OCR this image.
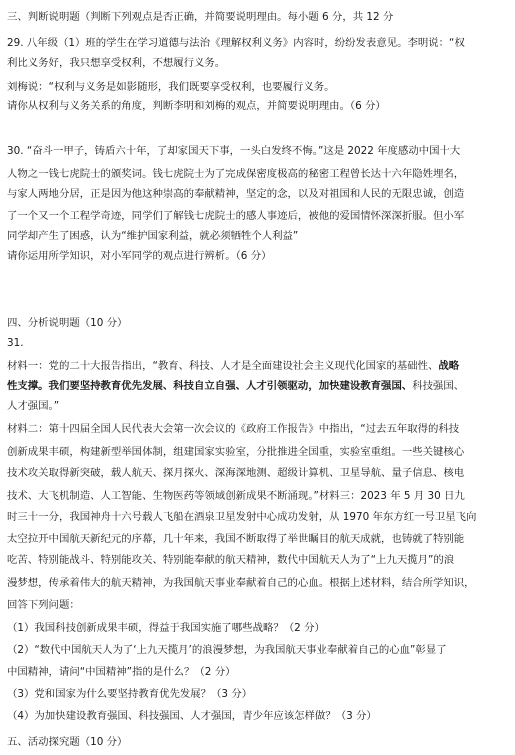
三、判断说明题（判断下列观点是否正确，并简要说明理由。每小题 6 分，共 12 分
29. 八年级（1）班的学生在学习道德与法治《理解权利义务》内容时，纷纷发表意见。李明说：“权
利比义务好，我只想享受权利，不想履行义务。
刘梅说：“权利与义务是如影随形，我们既要享受权利，也要履行义务。
请你从权利与义务关系的角度，判断李明和刘梅的观点，并简要说明理由。（6 分）
30. “奋斗一甲子，铸盾六十年，了却家国天下事，一头白发终不悔。”这是 2022 年度感动中国十大
人物之一钱七虎院士的颁奖词。钱七虎院士为了完成保密度极高的秘密工程曾长达十六年隐姓埋名，
与家人两地分居，正是因为他这种崇高的奉献精神，坚定的念，以及对祖国和人民的无限忠诚，创造
了一个又一个工程学奇迹，同学们了解钱七虎院士的感人事迹后，被他的爱国情怀深深折服。但小军
同学却产生了困惑，认为“维护国家利益，就必须牺牲个人利益”
请你运用所学知识，对小军同学的观点进行辨析。（6 分）
四、分析说明题（10 分）
31.
材料一：党的二十大报告指出，“教育、科技、人才是全面建设社会主义现代化国家的基础性、战略
性支撑。我们要坚持教育优先发展、科技自立自强、人才引领驱动，加快建设教育强国、科技强国、
人才强国。”
材料二：第十四届全国人民代表大会第一次会议的《政府工作报告》中指出，“过去五年取得的科技
创新成果丰硕，构建新型举国体制，组建国家实验室，分批推进全国重，实验室重组。一些关键核心
技术攻关取得新突破，载人航天、探月探火、深海深地测、超级计算机、卫星导航、量子信息、核电
技术、大飞机制造、人工智能、生物医药等领域创新成果不断涌现。”材料三：2023 年 5 月 30 日九
时三十一分，我国神舟十六号载人飞船在酒泉卫星发射中心成功发射，从 1970 年东方红一号卫星飞向
太空拉开中国航天新纪元的序幕，几十年来，我国不断取得了举世瞩目的航天成就，也铸就了特别能
吃苦、特别能战斗、特别能攻关、特别能奉献的航天精神，数代中国航天人为了“上九天揽月”的浪
漫梦想，传承着伟大的航天精神，为我国航天事业奉献着自己的心血。根据上述材料，结合所学知识，
回答下列问题：
（1）我国科技创新成果丰硕，得益于我国实施了哪些战略？（2 分）
（2）“数代中国航天人为了‘上九天揽月’的浪漫梦想，为我国航天事业奉献着自己的心血”彰显了
中国精神，请问“中国精神”指的是什么？（2 分）
（3）党和国家为什么要坚持教育优先发展？（3 分）
（4）为加快建设教育强国、科技强国、人才强国，青少年应该怎样做？（3 分）
五、活动探究题（10 分）
